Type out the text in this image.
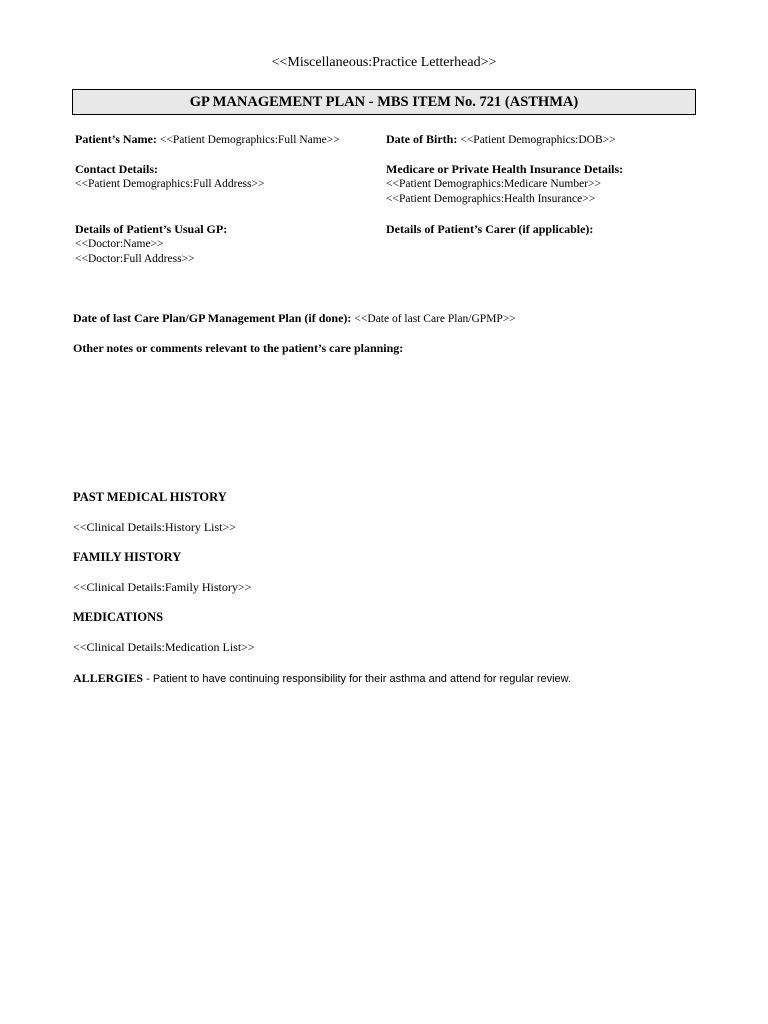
<<Miscellaneous:Practice Letterhead>>
GP MANAGEMENT PLAN - MBS ITEM No. 721 (ASTHMA)
Patient’s Name: <<Patient Demographics:Full Name>>	Date of Birth: <<Patient Demographics:DOB>>
Contact Details:
<<Patient Demographics:Full Address>>
Medicare or Private Health Insurance Details:
<<Patient Demographics:Medicare Number>>
<<Patient Demographics:Health Insurance>>
Details of Patient’s Usual GP:
<<Doctor:Name>>
<<Doctor:Full Address>>
Details of Patient’s Carer (if applicable):
Date of last Care Plan/GP Management Plan (if done): <<Date of last Care Plan/GPMP>>
Other notes or comments relevant to the patient’s care planning:
PAST MEDICAL HISTORY
<<Clinical Details:History List>>
FAMILY HISTORY
<<Clinical Details:Family History>>
MEDICATIONS
<<Clinical Details:Medication List>>
ALLERGIES - Patient to have continuing responsibility for their asthma and attend for regular review.
